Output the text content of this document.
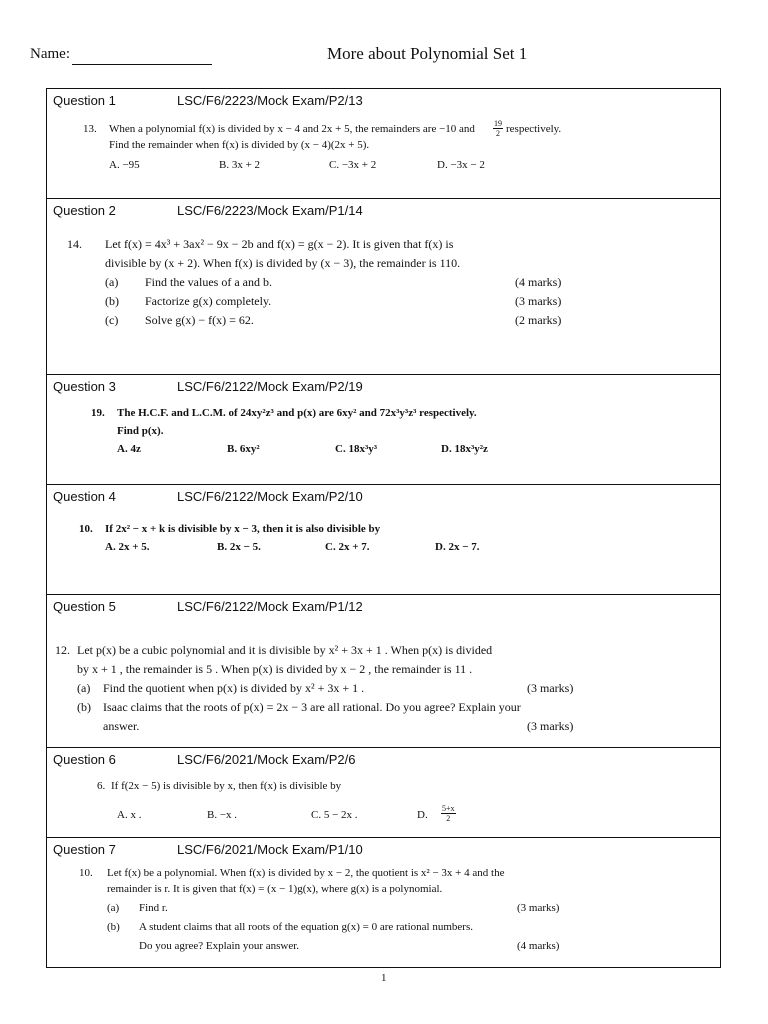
Name:	More about Polynomial Set 1
Question 1	LSC/F6/2223/Mock Exam/P2/13
13. When a polynomial f(x) is divided by x − 4 and 2x + 5, the remainders are −10 and $\frac{19}{2}$ respectively.
Find the remainder when f(x) is divided by (x − 4)(2x + 5).
A. −95	B. 3x + 2	C. −3x + 2	D. −3x − 2
Question 2	LSC/F6/2223/Mock Exam/P1/14
14. Let f(x) = 4x³ + 3ax² − 9x − 2b and f(x) = g(x − 2). It is given that f(x) is
divisible by (x + 2). When f(x) is divided by (x − 3), the remainder is 110.
(a) Find the values of a and b.	(4 marks)
(b) Factorize g(x) completely.	(3 marks)
(c) Solve g(x) − f(x) = 62.	(2 marks)
Question 3	LSC/F6/2122/Mock Exam/P2/19
19. The H.C.F. and L.C.M. of 24xy²z³ and p(x) are 6xy² and 72x³y³z³ respectively.
Find p(x).
A. 4z	B. 6xy²	C. 18x³y³	D. 18x³y²z
Question 4	LSC/F6/2122/Mock Exam/P2/10
10. If 2x² − x + k is divisible by x − 3, then it is also divisible by
A. 2x + 5.	B. 2x − 5.	C. 2x + 7.	D. 2x − 7.
Question 5	LSC/F6/2122/Mock Exam/P1/12
12. Let p(x) be a cubic polynomial and it is divisible by x² + 3x + 1 . When p(x) is divided
by x + 1 , the remainder is 5 . When p(x) is divided by x − 2 , the remainder is 11 .
(a) Find the quotient when p(x) is divided by x² + 3x + 1 .	(3 marks)
(b) Isaac claims that the roots of p(x) = 2x − 3 are all rational. Do you agree? Explain your
answer.	(3 marks)
Question 6	LSC/F6/2021/Mock Exam/P2/6
6. If f(2x − 5) is divisible by x, then f(x) is divisible by
A. x .	B. −x .	C. 5 − 2x .	D. $\frac{5+x}{2}$
Question 7	LSC/F6/2021/Mock Exam/P1/10
10. Let f(x) be a polynomial. When f(x) is divided by x − 2, the quotient is x² − 3x + 4 and the
remainder is r. It is given that f(x) = (x − 1)g(x), where g(x) is a polynomial.
(a) Find r.	(3 marks)
(b) A student claims that all roots of the equation g(x) = 0 are rational numbers.
Do you agree? Explain your answer.	(4 marks)
1
